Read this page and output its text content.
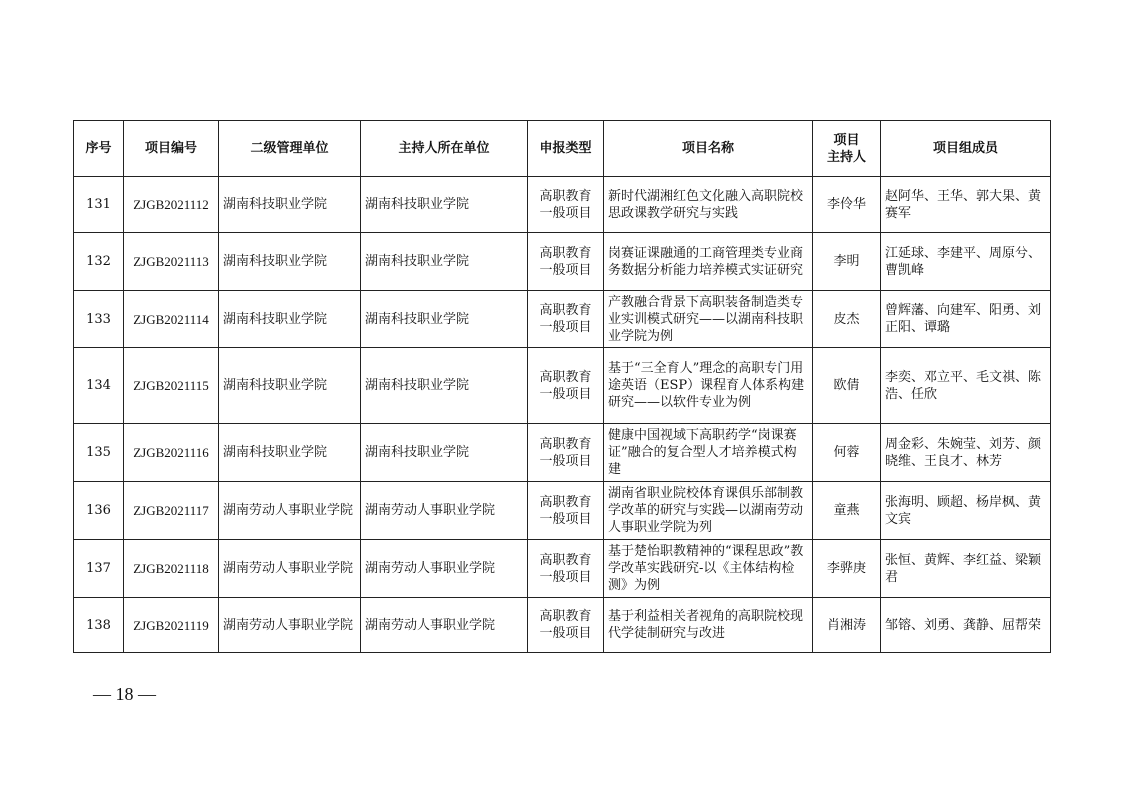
序号	项目编号	二级管理单位	主持人所在单位	申报类型	项目名称	项目
主持人	项目组成员
131	ZJGB2021112	湖南科技职业学院	湖南科技职业学院	高职教育一般项目	新时代湖湘红色文化融入高职院校思政课教学研究与实践	李伶华	赵阿华、王华、郭大果、黄赛军
132	ZJGB2021113	湖南科技职业学院	湖南科技职业学院	高职教育一般项目	岗赛证课融通的工商管理类专业商务数据分析能力培养模式实证研究	李明	江延球、李建平、周原兮、曹凯峰
133	ZJGB2021114	湖南科技职业学院	湖南科技职业学院	高职教育一般项目	产教融合背景下高职装备制造类专业实训模式研究——以湖南科技职业学院为例	皮杰	曾辉藩、向建军、阳勇、刘正阳、谭璐
134	ZJGB2021115	湖南科技职业学院	湖南科技职业学院	高职教育一般项目	基于“三全育人”理念的高职专门用途英语（ESP）课程育人体系构建研究——以软件专业为例	欧倩	李奕、邓立平、毛文祺、陈浩、任欣
135	ZJGB2021116	湖南科技职业学院	湖南科技职业学院	高职教育一般项目	健康中国视域下高职药学“岗课赛证”融合的复合型人才培养模式构建	何蓉	周金彩、朱婉莹、刘芳、颜晓维、王良才、林芳
136	ZJGB2021117	湖南劳动人事职业学院	湖南劳动人事职业学院	高职教育一般项目	湖南省职业院校体育课俱乐部制教学改革的研究与实践—以湖南劳动人事职业学院为列	童燕	张海明、顾超、杨岸枫、黄文宾
137	ZJGB2021118	湖南劳动人事职业学院	湖南劳动人事职业学院	高职教育一般项目	基于楚怡职教精神的“课程思政”教学改革实践研究-以《主体结构检测》为例	李骅庚	张恒、黄辉、李红益、梁颖君
138	ZJGB2021119	湖南劳动人事职业学院	湖南劳动人事职业学院	高职教育一般项目	基于利益相关者视角的高职院校现代学徒制研究与改进	肖湘涛	邹镕、刘勇、龚静、屈帮荣
— 18 —
